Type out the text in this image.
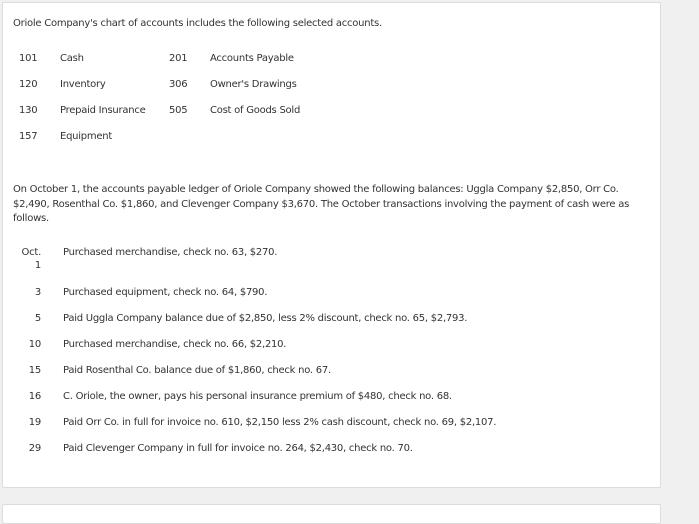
Oriole Company's chart of accounts includes the following selected accounts.
101 Cash
120 Inventory
130 Prepaid Insurance
157 Equipment
201 Accounts Payable
306 Owner's Drawings
505 Cost of Goods Sold
On October 1, the accounts payable ledger of Oriole Company showed the following balances: Uggla Company $2,850, Orr Co. $2,490, Rosenthal Co. $1,860, and Clevenger Company $3,670. The October transactions involving the payment of cash were as follows.
Oct.
1
Purchased merchandise, check no. 63, $270.
3 Purchased equipment, check no. 64, $790.
5 Paid Uggla Company balance due of $2,850, less 2% discount, check no. 65, $2,793.
10 Purchased merchandise, check no. 66, $2,210.
15 Paid Rosenthal Co. balance due of $1,860, check no. 67.
16 C. Oriole, the owner, pays his personal insurance premium of $480, check no. 68.
19 Paid Orr Co. in full for invoice no. 610, $2,150 less 2% cash discount, check no. 69, $2,107.
29 Paid Clevenger Company in full for invoice no. 264, $2,430, check no. 70.
